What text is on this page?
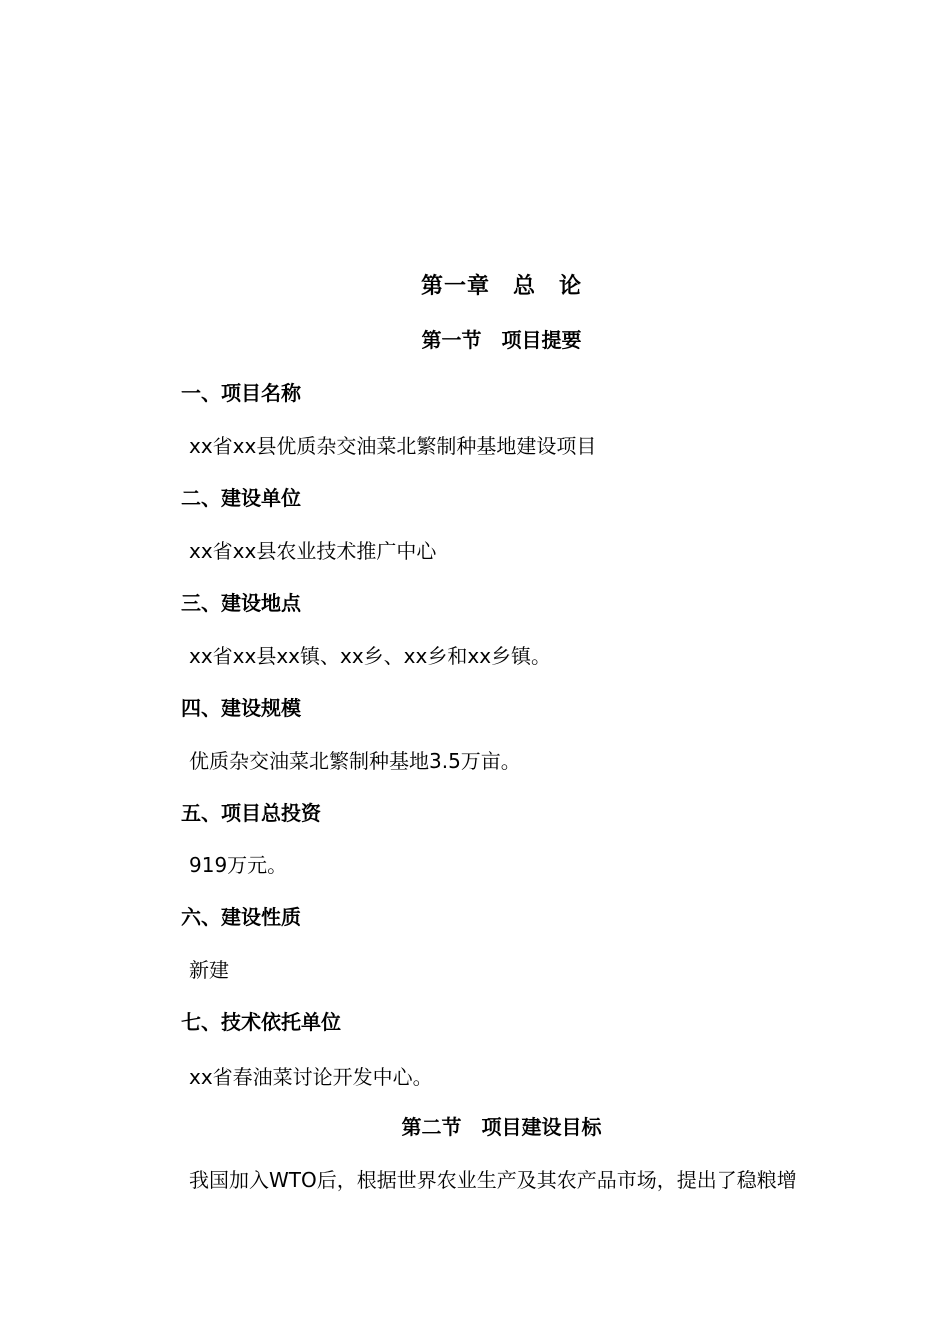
第一章　总　论
第一节　项目提要
一、项目名称
xx省xx县优质杂交油菜北繁制种基地建设项目
二、建设单位
xx省xx县农业技术推广中心
三、建设地点
xx省xx县xx镇、xx乡、xx乡和xx乡镇。
四、建设规模
优质杂交油菜北繁制种基地3.5万亩。
五、项目总投资
919万元。
六、建设性质
新建
七、技术依托单位
xx省春油菜讨论开发中心。
第二节　项目建设目标
我国加入WTO后，根据世界农业生产及其农产品市场，提出了稳粮增
